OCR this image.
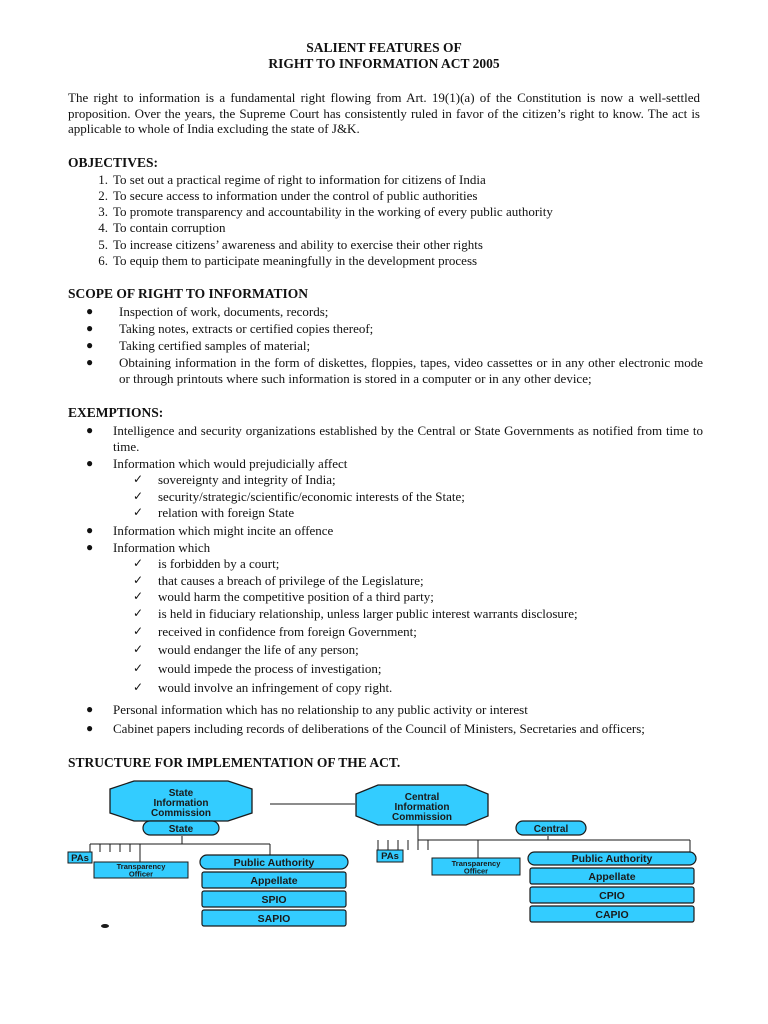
SALIENT FEATURES OF
RIGHT TO INFORMATION ACT 2005
The right to information is a fundamental right flowing from Art. 19(1)(a) of the Constitution is now a well-settled proposition. Over the years, the Supreme Court has consistently ruled in favor of the citizen’s right to know. The act is applicable to whole of India excluding the state of J&K.
OBJECTIVES:
1. To set out a practical regime of right to information for citizens of India
2. To secure access to information under the control of public authorities
3. To promote transparency and accountability in the working of every public authority
4. To contain corruption
5. To increase citizens’ awareness and ability to exercise their other rights
6. To equip them to participate meaningfully in the development process
SCOPE OF RIGHT TO INFORMATION
● Inspection of work, documents, records;
● Taking notes, extracts or certified copies thereof;
● Taking certified samples of material;
● Obtaining information in the form of diskettes, floppies, tapes, video cassettes or in any other electronic mode or through printouts where such information is stored in a computer or in any other device;
EXEMPTIONS:
● Intelligence and security organizations established by the Central or State Governments as notified from time to time.
● Information which would prejudicially affect
✓ sovereignty and integrity of India;
✓ security/strategic/scientific/economic interests of the State;
✓ relation with foreign State
● Information which might incite an offence
● Information which
✓ is forbidden by a court;
✓ that causes a breach of privilege of the Legislature;
✓ would harm the competitive position of a third party;
✓ is held in fiduciary relationship, unless larger public interest warrants disclosure;
✓ received in confidence from foreign Government;
✓ would endanger the life of any person;
✓ would impede the process of investigation;
✓ would involve an infringement of copy right.
● Personal information which has no relationship to any public activity or interest
● Cabinet papers including records of deliberations of the Council of Ministers, Secretaries and officers;
STRUCTURE FOR IMPLEMENTATION OF THE ACT.
State
Information
Commission
Central
Information
Commission
State	Central
PAs	PAs
Transparency
Officer
Transparency
Officer
Public Authority	Public Authority
Appellate
SPIO
SAPIO
Appellate
CPIO
CAPIO
